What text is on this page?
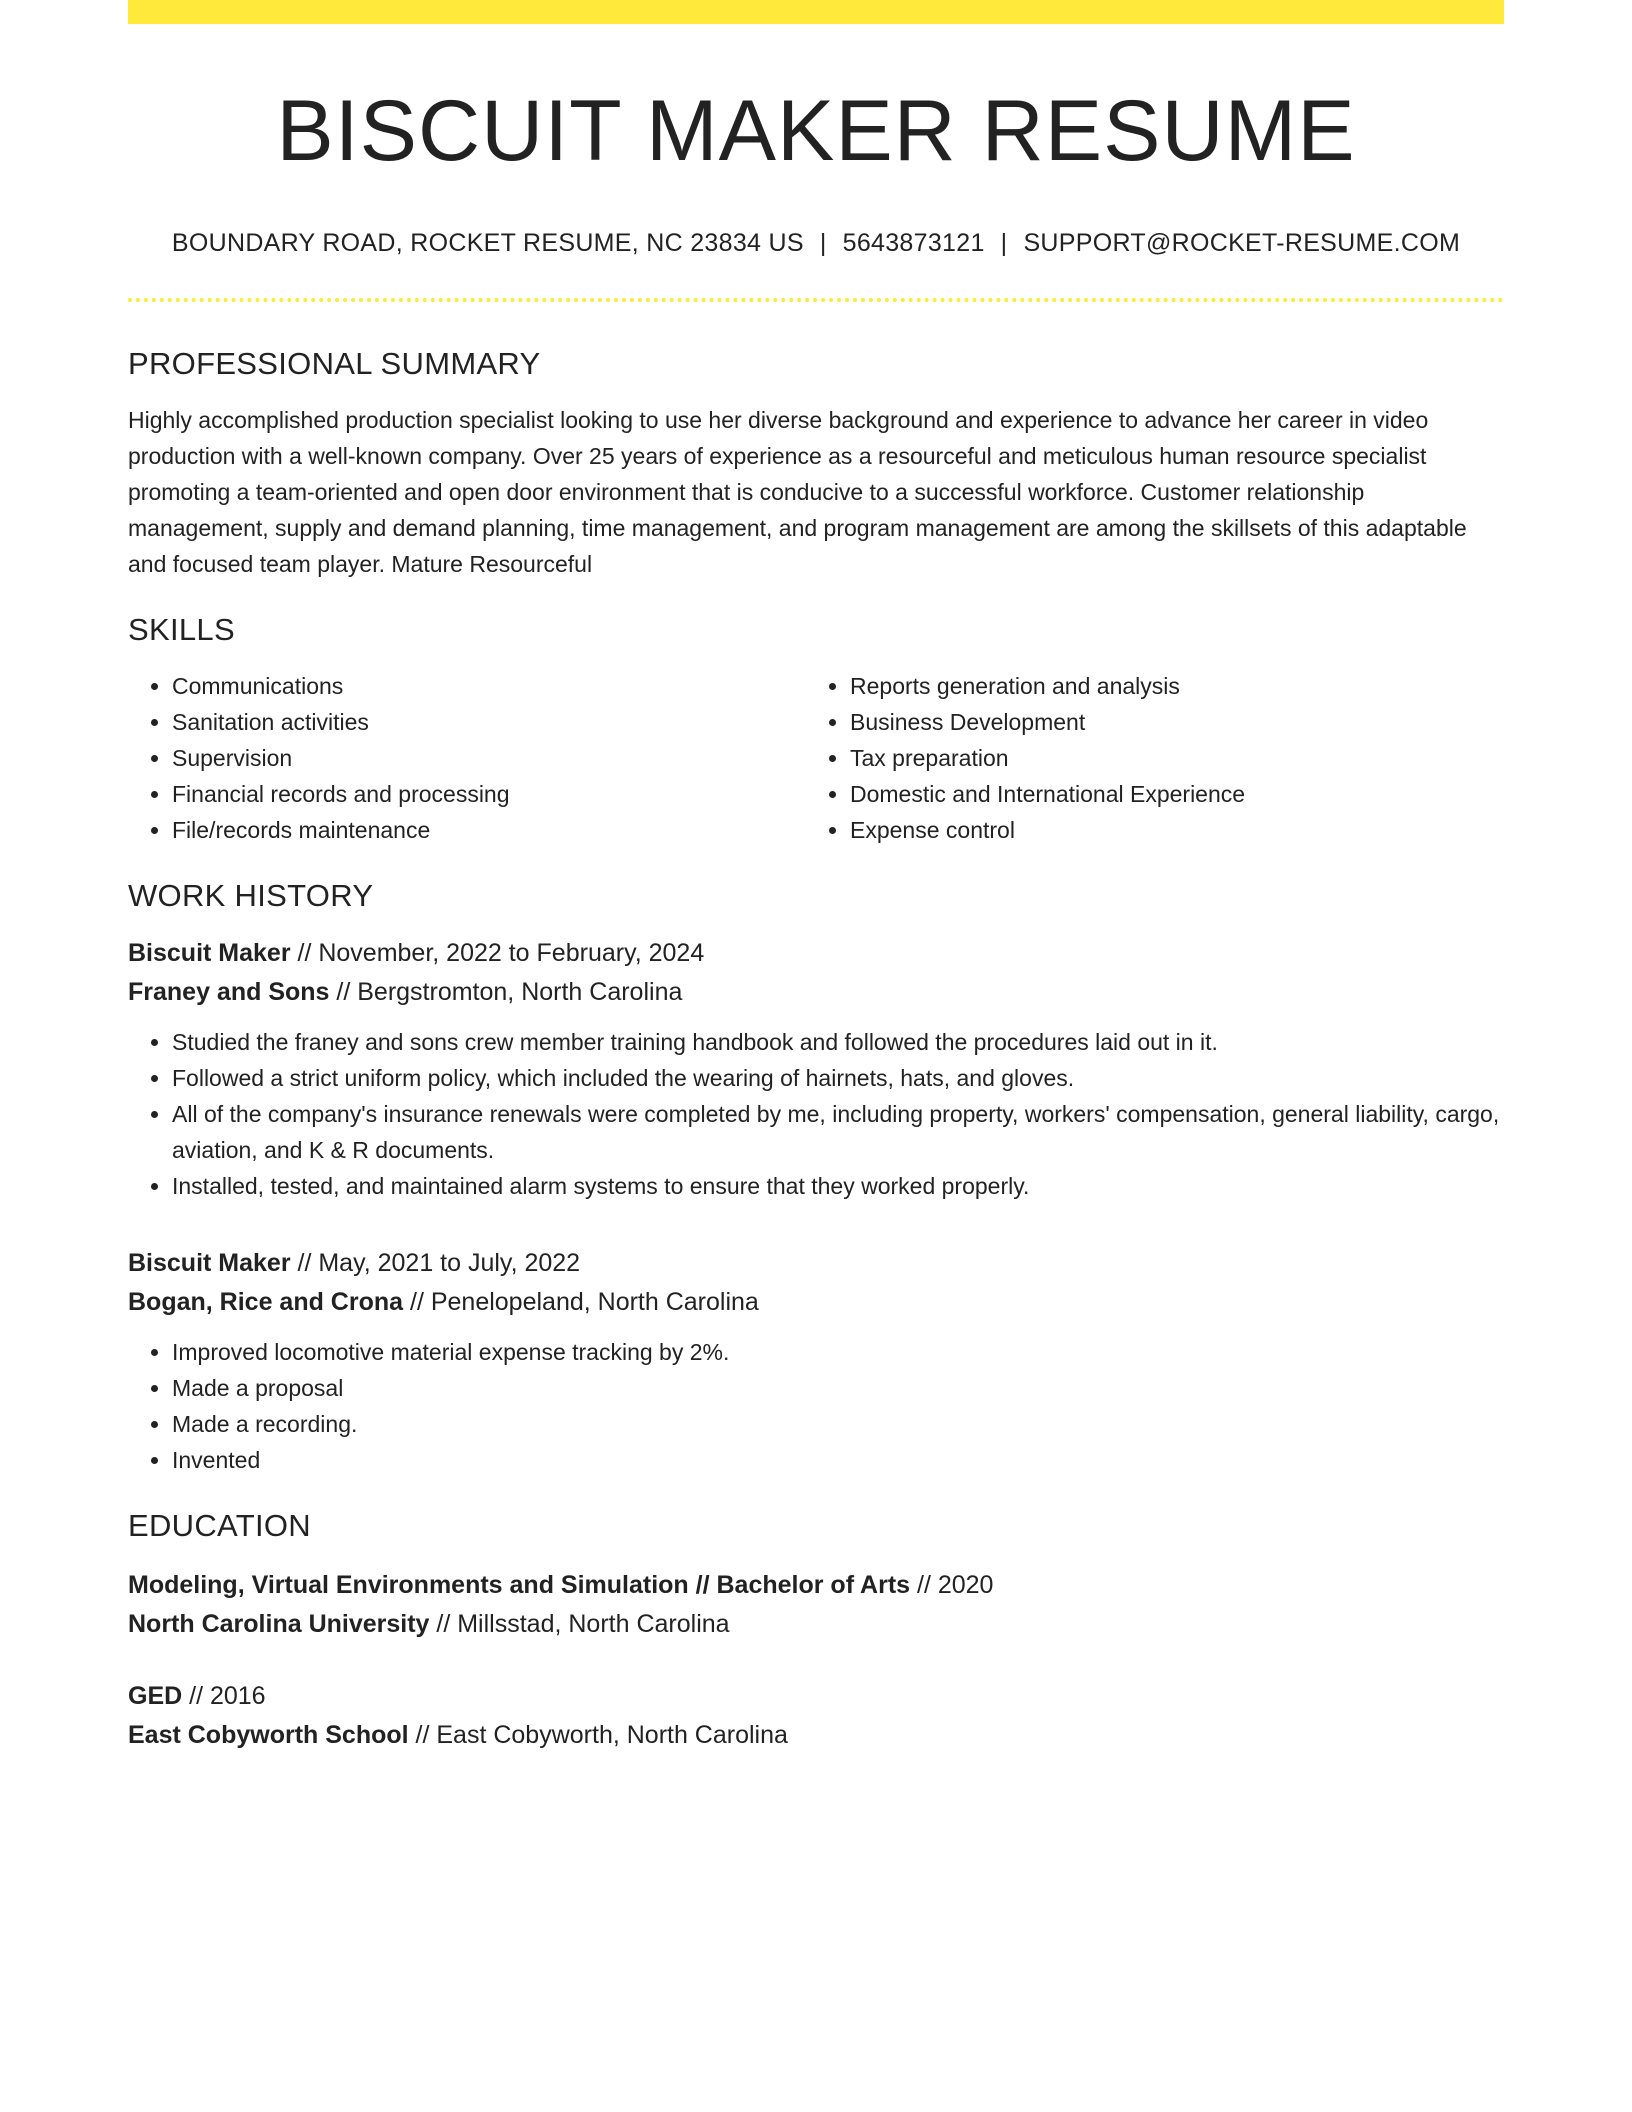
BISCUIT MAKER RESUME
BOUNDARY ROAD, ROCKET RESUME, NC 23834 US | 5643873121 | SUPPORT@ROCKET-RESUME.COM
PROFESSIONAL SUMMARY

Highly accomplished production specialist looking to use her diverse background and experience to advance her career in video production with a well-known company. Over 25 years of experience as a resourceful and meticulous human resource specialist promoting a team-oriented and open door environment that is conducive to a successful workforce. Customer relationship management, supply and demand planning, time management, and program management are among the skillsets of this adaptable and focused team player. Mature Resourceful

SKILLS
• Communications
• Sanitation activities
• Supervision
• Financial records and processing
• File/records maintenance
• Reports generation and analysis
• Business Development
• Tax preparation
• Domestic and International Experience
• Expense control
WORK HISTORY
Biscuit Maker // November, 2022 to February, 2024
Franey and Sons // Bergstromton, North Carolina
• Studied the franey and sons crew member training handbook and followed the procedures laid out in it.
• Followed a strict uniform policy, which included the wearing of hairnets, hats, and gloves.
• All of the company's insurance renewals were completed by me, including property, workers' compensation, general liability, cargo, aviation, and K & R documents.
• Installed, tested, and maintained alarm systems to ensure that they worked properly.
Biscuit Maker // May, 2021 to July, 2022
Bogan, Rice and Crona // Penelopeland, North Carolina
• Improved locomotive material expense tracking by 2%.
• Made a proposal
• Made a recording.
• Invented
EDUCATION
Modeling, Virtual Environments and Simulation // Bachelor of Arts // 2020
North Carolina University // Millsstad, North Carolina
GED // 2016
East Cobyworth School // East Cobyworth, North Carolina
